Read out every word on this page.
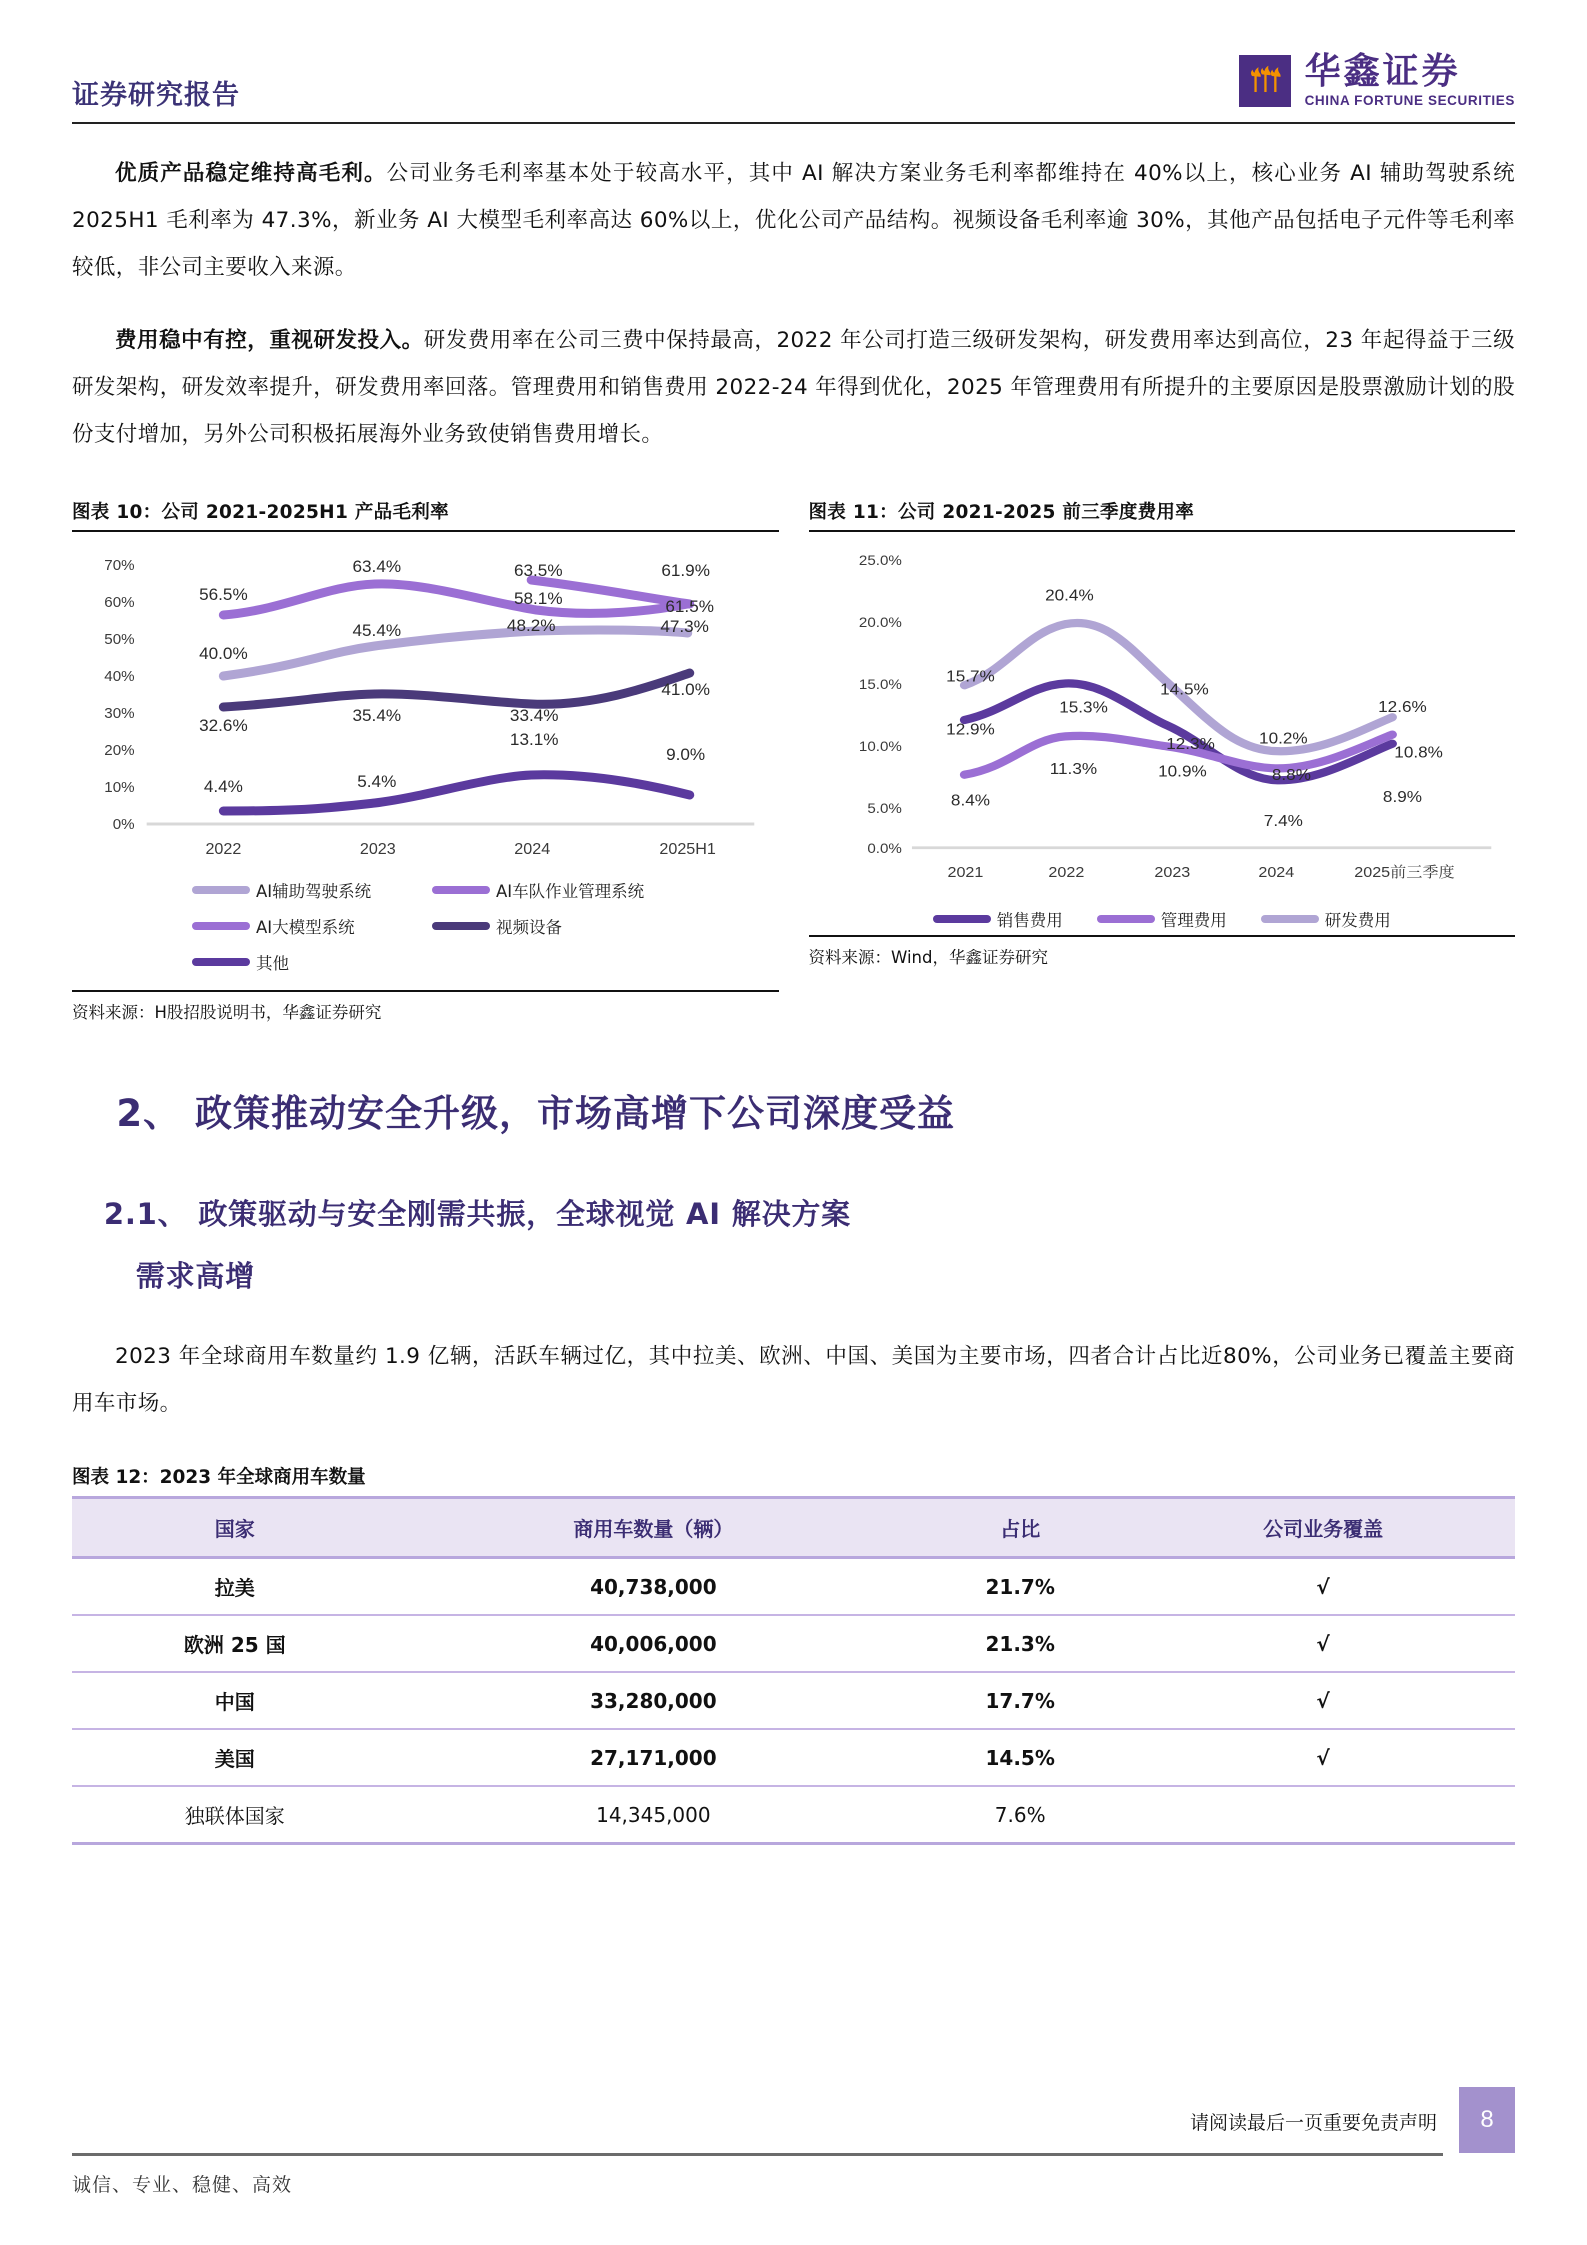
证券研究报告
华鑫证券
CHINA FORTUNE SECURITIES

优质产品稳定维持高毛利。公司业务毛利率基本处于较高水平，其中 AI 解决方案业务毛利率都维持在 40%以上，核心业务 AI 辅助驾驶系统 2025H1 毛利率为 47.3%，新业务 AI 大模型毛利率高达 60%以上，优化公司产品结构。视频设备毛利率逾 30%，其他产品包括电子元件等毛利率较低，非公司主要收入来源。

费用稳中有控，重视研发投入。研发费用率在公司三费中保持最高，2022 年公司打造三级研发架构，研发费用率达到高位，23 年起得益于三级研发架构，研发效率提升，研发费用率回落。管理费用和销售费用 2022-24 年得到优化，2025 年管理费用有所提升的主要原因是股票激励计划的股份支付增加，另外公司积极拓展海外业务致使销售费用增长。

图表 10：公司 2021-2025H1 产品毛利率
70%
60%
50%
40%
30%
20%
10%
0%
56.5%
63.4%	63.5%	61.9%
58.1%	61.5%
40.0%
45.4%	48.2%	47.3%
32.6%
35.4%	33.4%
41.0%
4.4%	5.4%
13.1%
9.0%
2022	2023	2024	2025H1
AI辅助驾驶系统	AI车队作业管理系统
AI大模型系统	视频设备
其他
资料来源：H股招股说明书，华鑫证券研究
图表 11：公司 2021-2025 前三季度费用率
25.0%
20.0%
15.0%
10.0%
5.0%
0.0%
15.7%
20.4%
14.5%
10.2%
12.6%
12.9%
15.3%
12.3%
7.4%
8.9%
8.4%
11.3%	10.9%	8.8%
10.8%
2021	2022	2023	2024	2025前三季度
销售费用	管理费用	研发费用
资料来源：Wind，华鑫证券研究
2、 政策推动安全升级，市场高增下公司深度受益
2.1、 政策驱动与安全刚需共振，全球视觉 AI 解决方案
需求高增

2023 年全球商用车数量约 1.9 亿辆，活跃车辆过亿，其中拉美、欧洲、中国、美国为主要市场，四者合计占比近80%，公司业务已覆盖主要商用车市场。

图表 12：2023 年全球商用车数量
国家	商用车数量（辆）	占比	公司业务覆盖
拉美	40,738,000	21.7%	√
欧洲 25 国	40,006,000	21.3%	√
中国	33,280,000	17.7%	√
美国	27,171,000	14.5%	√
独联体国家	14,345,000	7.6%	
请阅读最后一页重要免责声明	8
诚信、专业、稳健、高效
